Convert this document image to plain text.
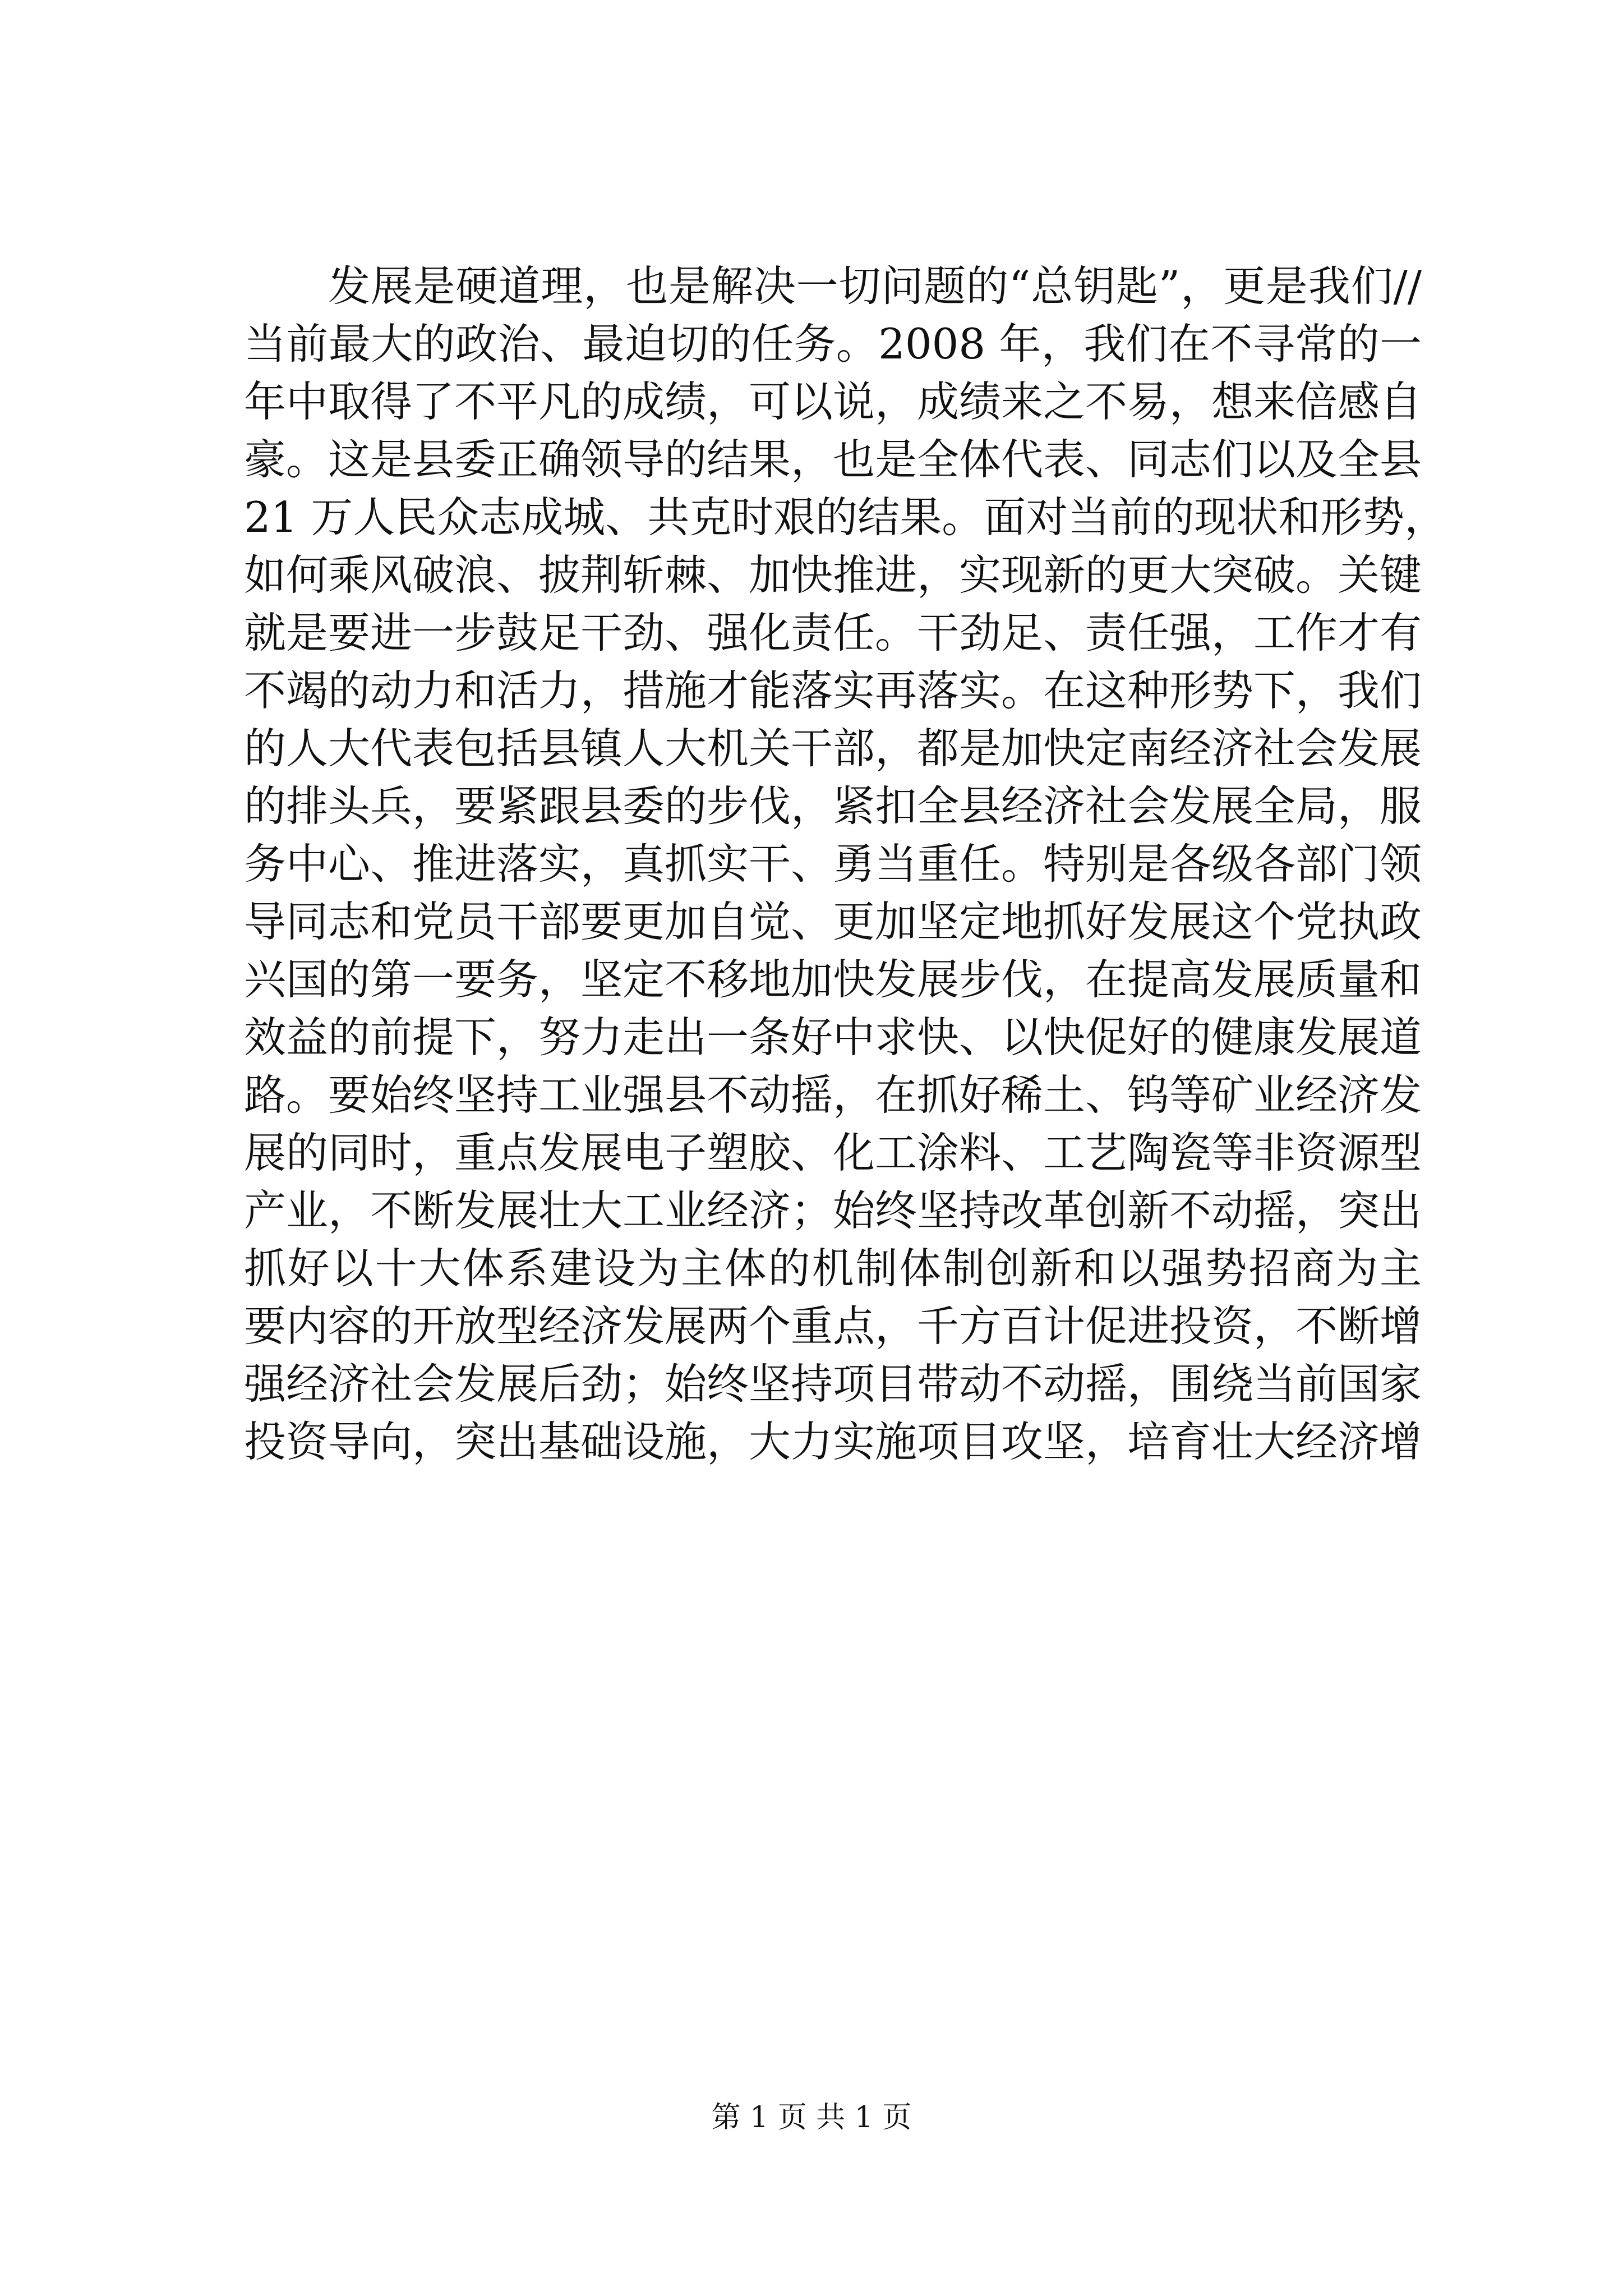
发展是硬道理，也是解决一切问题的“总钥匙”，更是我们//
当前最大的政治、最迫切的任务。2008 年，我们在不寻常的一
年中取得了不平凡的成绩，可以说，成绩来之不易，想来倍感自
豪。这是县委正确领导的结果，也是全体代表、同志们以及全县
21 万人民众志成城、共克时艰的结果。面对当前的现状和形势，
如何乘风破浪、披荆斩棘、加快推进，实现新的更大突破。关键
就是要进一步鼓足干劲、强化责任。干劲足、责任强，工作才有
不竭的动力和活力，措施才能落实再落实。在这种形势下，我们
的人大代表包括县镇人大机关干部，都是加快定南经济社会发展
的排头兵，要紧跟县委的步伐，紧扣全县经济社会发展全局，服
务中心、推进落实，真抓实干、勇当重任。特别是各级各部门领
导同志和党员干部要更加自觉、更加坚定地抓好发展这个党执政
兴国的第一要务，坚定不移地加快发展步伐，在提高发展质量和
效益的前提下，努力走出一条好中求快、以快促好的健康发展道
路。要始终坚持工业强县不动摇，在抓好稀土、钨等矿业经济发
展的同时，重点发展电子塑胶、化工涂料、工艺陶瓷等非资源型
产业，不断发展壮大工业经济；始终坚持改革创新不动摇，突出
抓好以十大体系建设为主体的机制体制创新和以强势招商为主
要内容的开放型经济发展两个重点，千方百计促进投资，不断增
强经济社会发展后劲；始终坚持项目带动不动摇，围绕当前国家
投资导向，突出基础设施，大力实施项目攻坚，培育壮大经济增
第 1 页 共 1 页
